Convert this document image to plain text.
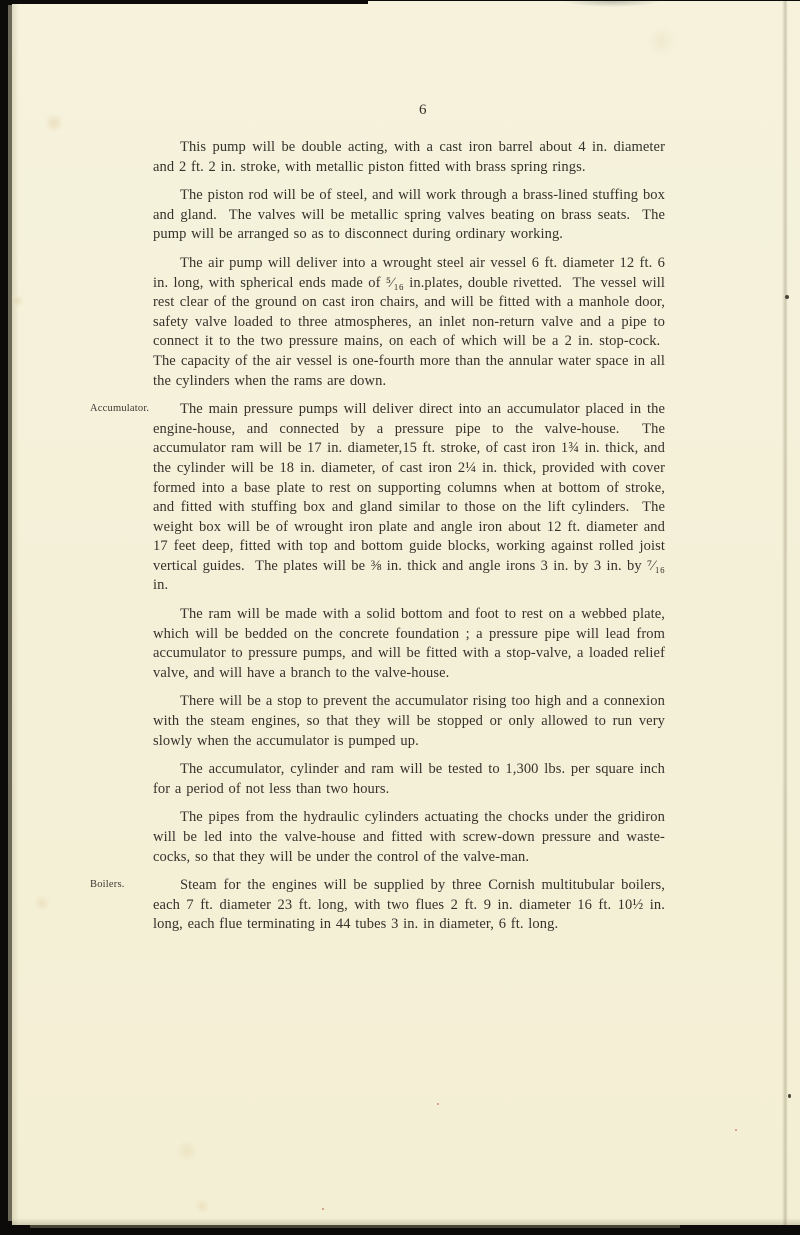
6

This pump will be double acting, with a cast iron barrel about 4 in. diameter and 2 ft. 2 in. stroke, with metallic piston fitted with brass spring rings.

The piston rod will be of steel, and will work through a brass-lined stuffing box and gland.  The valves will be metallic spring valves beating on brass seats.  The pump will be arranged so as to disconnect during ordinary working.

The air pump will deliver into a wrought steel air vessel 6 ft. diameter 12 ft. 6 in. long, with spherical ends made of ⁵⁄₁₆ in.plates, double rivetted.  The vessel will rest clear of the ground on cast iron chairs, and will be fitted with a manhole door, safety valve loaded to three atmospheres, an inlet non-return valve and a pipe to connect it to the two pressure mains, on each of which will be a 2 in. stop-cock.  The capacity of the air vessel is one-fourth more than the annular water space in all the cylinders when the rams are down.

Accumulator. The main pressure pumps will deliver direct into an accumulator placed in the engine-house, and connected by a pressure pipe to the valve-house.  The accumulator ram will be 17 in. diameter,15 ft. stroke, of cast iron 1¾ in. thick, and the cylinder will be 18 in. diameter, of cast iron 2¼ in. thick, provided with cover formed into a base plate to rest on supporting columns when at bottom of stroke, and fitted with stuffing box and gland similar to those on the lift cylinders.  The weight box will be of wrought iron plate and angle iron about 12 ft. diameter and 17 feet deep, fitted with top and bottom guide blocks, working against rolled joist vertical guides.  The plates will be ⅜ in. thick and angle irons 3 in. by 3 in. by ⁷⁄₁₆ in.

The ram will be made with a solid bottom and foot to rest on a webbed plate, which will be bedded on the concrete foundation ; a pressure pipe will lead from accumulator to pressure pumps, and will be fitted with a stop-valve, a loaded relief valve, and will have a branch to the valve-house.

There will be a stop to prevent the accumulator rising too high and a connexion with the steam engines, so that they will be stopped or only allowed to run very slowly when the accumulator is pumped up.

The accumulator, cylinder and ram will be tested to 1,300 lbs. per square inch for a period of not less than two hours.

The pipes from the hydraulic cylinders actuating the chocks under the gridiron will be led into the valve-house and fitted with screw-down pressure and waste-cocks, so that they will be under the control of the valve-man.

Boilers.	Steam for the engines will be supplied by three Cornish multitubular boilers, each 7 ft. diameter 23 ft. long, with two flues 2 ft. 9 in. diameter 16 ft. 10½ in. long, each flue terminating in 44 tubes 3 in. in diameter, 6 ft. long.
